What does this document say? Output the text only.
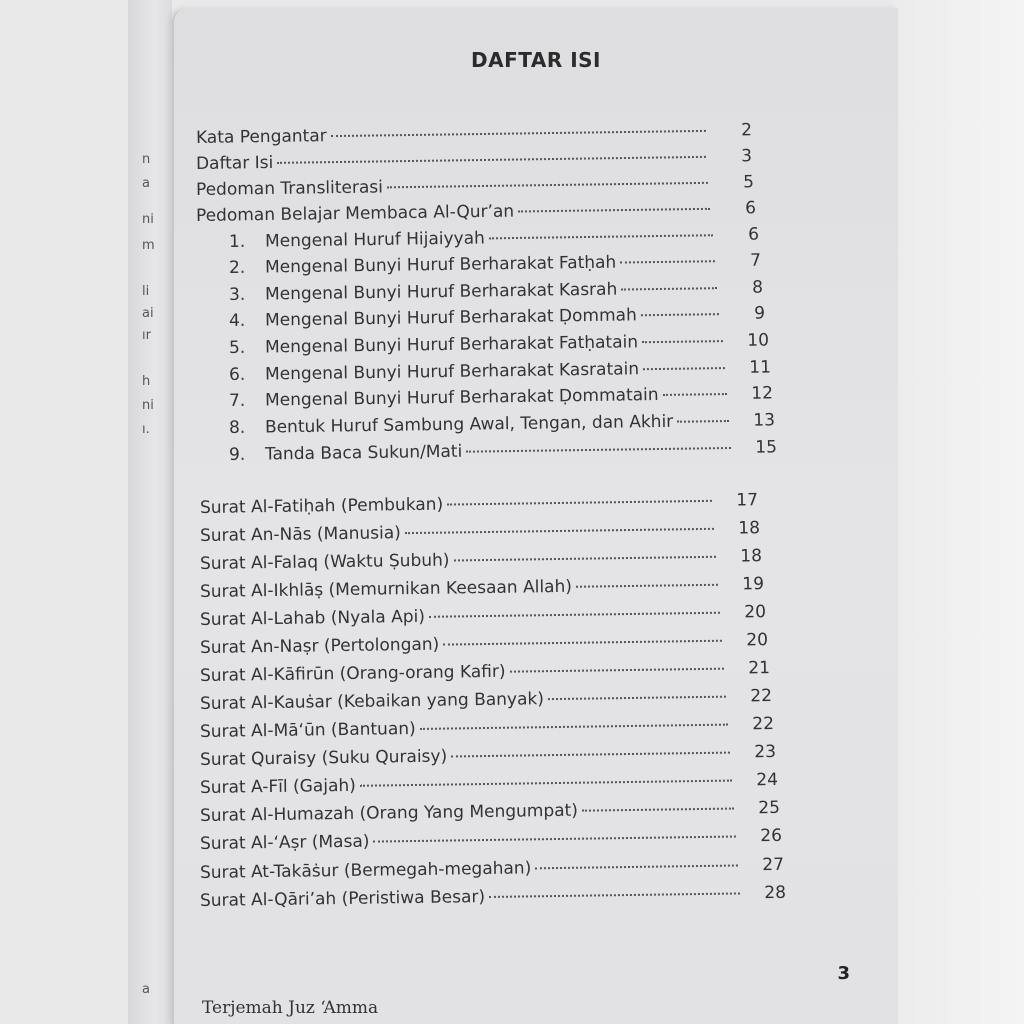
n
a
ni
m
li
ai
ır
h
ni
ı.
a
DAFTAR ISI
Kata Pengantar	2
Daftar Isi	3
Pedoman Transliterasi	5
Pedoman Belajar Membaca Al-Qur’an	6
1.	Mengenal Huruf Hijaiyyah	6
2.	Mengenal Bunyi Huruf Berharakat Fatḥah	7
3.	Mengenal Bunyi Huruf Berharakat Kasrah	8
4.	Mengenal Bunyi Huruf Berharakat Ḍommah	9
5.	Mengenal Bunyi Huruf Berharakat Fatḥatain	10
6.	Mengenal Bunyi Huruf Berharakat Kasratain	11
7.	Mengenal Bunyi Huruf Berharakat Ḍommatain	12
8.	Bentuk Huruf Sambung Awal, Tengan, dan Akhir	13
9.	Tanda Baca Sukun/Mati	15
Surat Al-Fatiḥah (Pembukan)	17
Surat An-Nās (Manusia)	18
Surat Al-Falaq (Waktu Ṣubuh)	18
Surat Al-Ikhlāṣ (Memurnikan Keesaan Allah)	19
Surat Al-Lahab (Nyala Api)	20
Surat An-Naṣr (Pertolongan)	20
Surat Al-Kāfirūn (Orang-orang Kafir)	21
Surat Al-Kauṡar (Kebaikan yang Banyak)	22
Surat Al-Mā‘ūn (Bantuan)	22
Surat Quraisy (Suku Quraisy)	23
Surat A-Fīl (Gajah)	24
Surat Al-Humazah (Orang Yang Mengumpat)	25
Surat Al-‘Aṣr (Masa)	26
Surat At-Takāṡur (Bermegah-megahan)	27
Surat Al-Qāri’ah (Peristiwa Besar)	28
3
Terjemah Juz ‘Amma
